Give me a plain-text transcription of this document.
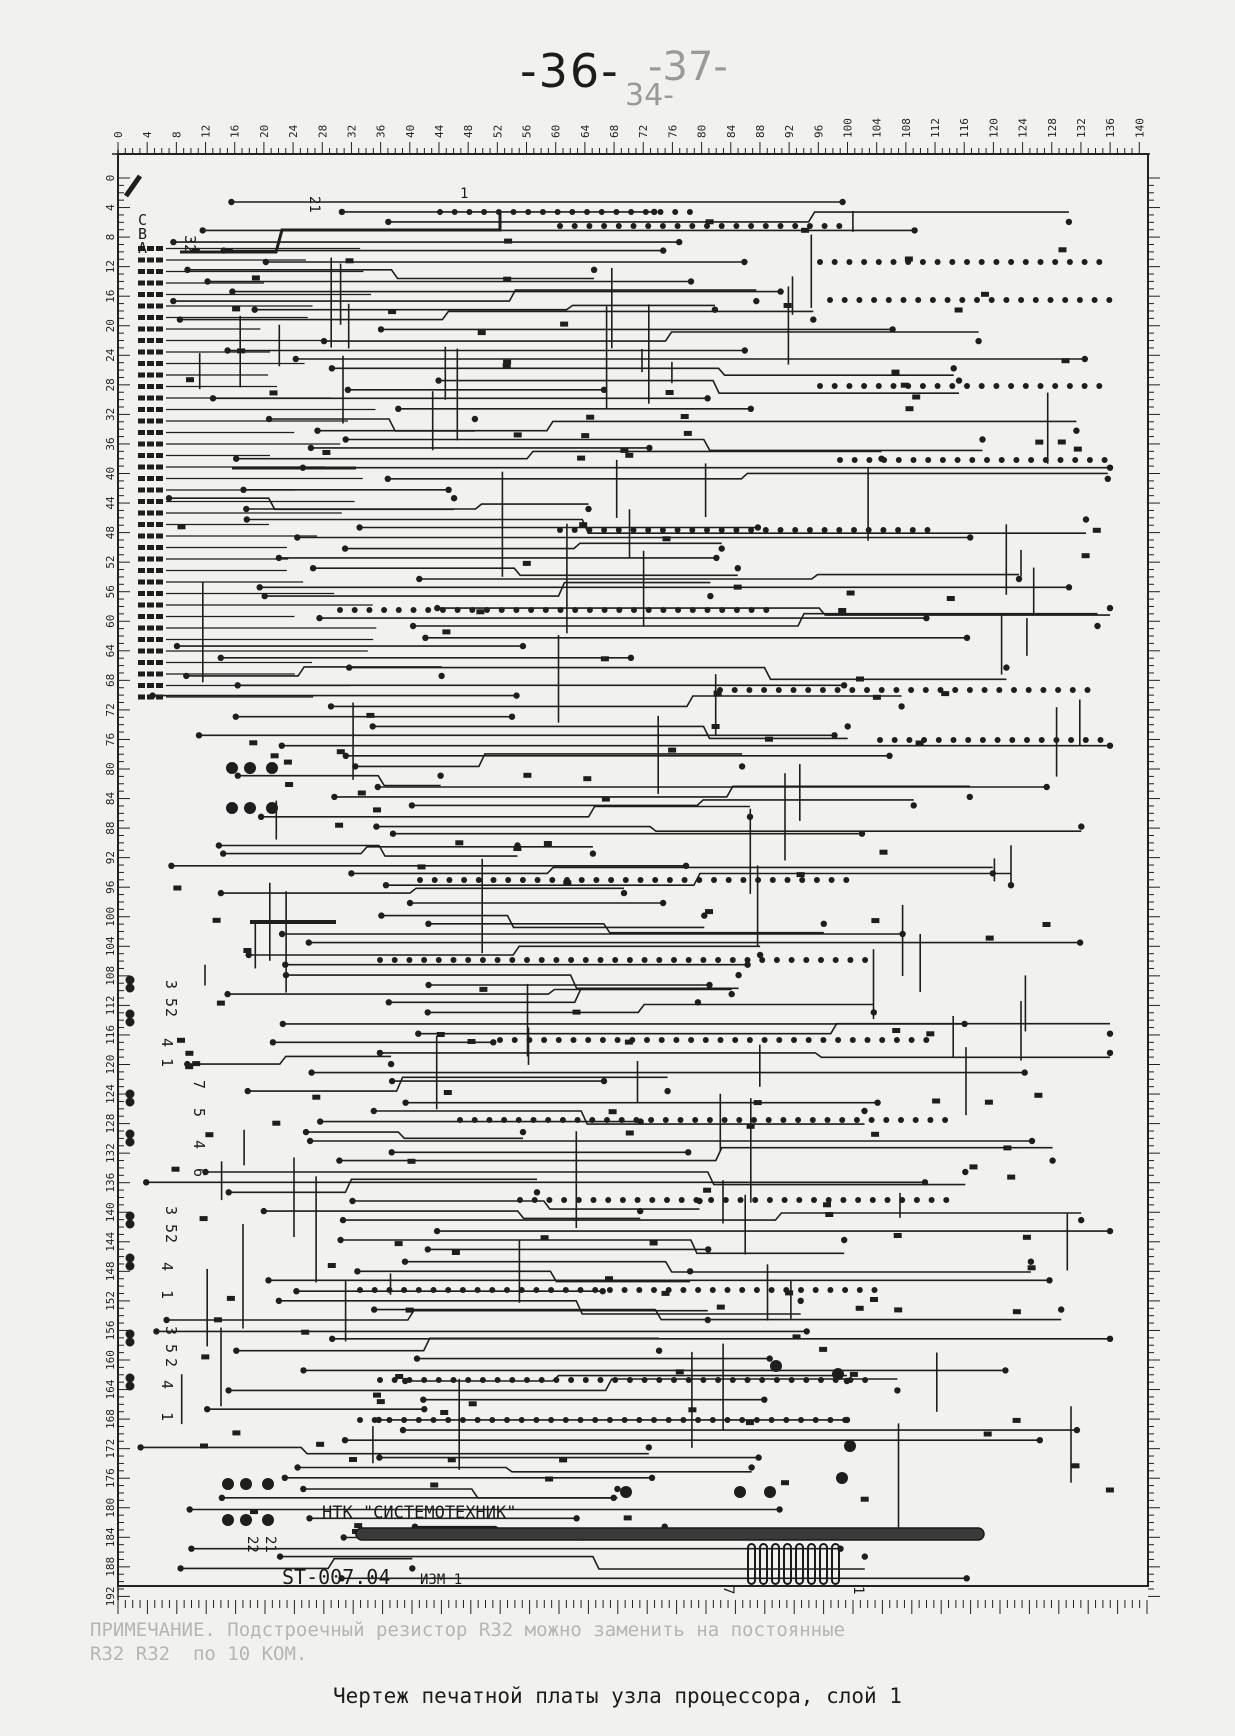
-37-
34-
-36-
ПРИМЕЧАНИЕ. Подстроечный резистор R32 можно заменить на постоянные
R32 R32  по 10 КОМ.
0 4 8 12 16 20 24 28 32 36 40 44 48 52 56 60 64 68 72 76 80 84 88 92 96 100 104 108 112 116 120 124 128 132 136 140
0
4
8
12
16
20
24
28
32
36
40
44
48
52
56
60
64
68
72
76
80
84
88
92
96
100
104
108
112
116
120
124
128
132
136
140
144
148
152
156
160
164
168
172
176
180
184
188
192
C
B
A 32
21
1
НТК "СИСТЕМОТЕХНИК"
ST-007.04 ИЗМ 1
7	1
21
22
3 5
2
4
1
7
5
4
6
3 5
2
4
1
3 5
2
4
1
Чертеж печатной платы узла процессора, слой 1
